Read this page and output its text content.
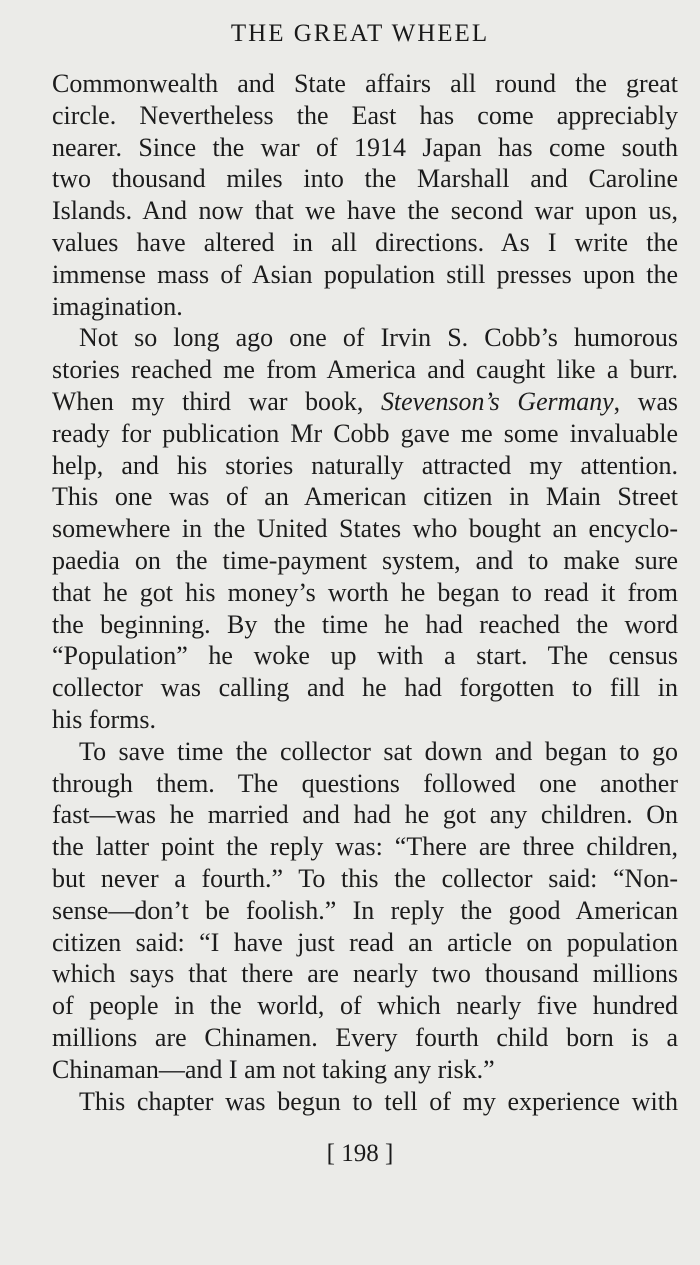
THE GREAT WHEEL
Commonwealth and State affairs all round the great
circle. Nevertheless the East has come appreciably
nearer. Since the war of 1914 Japan has come south
two thousand miles into the Marshall and Caroline
Islands. And now that we have the second war upon us,
values have altered in all directions. As I write the
immense mass of Asian population still presses upon the
imagination.
Not so long ago one of Irvin S. Cobb’s humorous
stories reached me from America and caught like a burr.
When my third war book, Stevenson’s Germany, was
ready for publication Mr Cobb gave me some invaluable
help, and his stories naturally attracted my attention.
This one was of an American citizen in Main Street
somewhere in the United States who bought an encyclo-
paedia on the time-payment system, and to make sure
that he got his money’s worth he began to read it from
the beginning. By the time he had reached the word
“Population” he woke up with a start. The census
collector was calling and he had forgotten to fill in
his forms.
To save time the collector sat down and began to go
through them. The questions followed one another
fast—was he married and had he got any children. On
the latter point the reply was: “There are three children,
but never a fourth.” To this the collector said: “Non-
sense—don’t be foolish.” In reply the good American
citizen said: “I have just read an article on population
which says that there are nearly two thousand millions
of people in the world, of which nearly five hundred
millions are Chinamen. Every fourth child born is a
Chinaman—and I am not taking any risk.”
This chapter was begun to tell of my experience with
[ 198 ]
